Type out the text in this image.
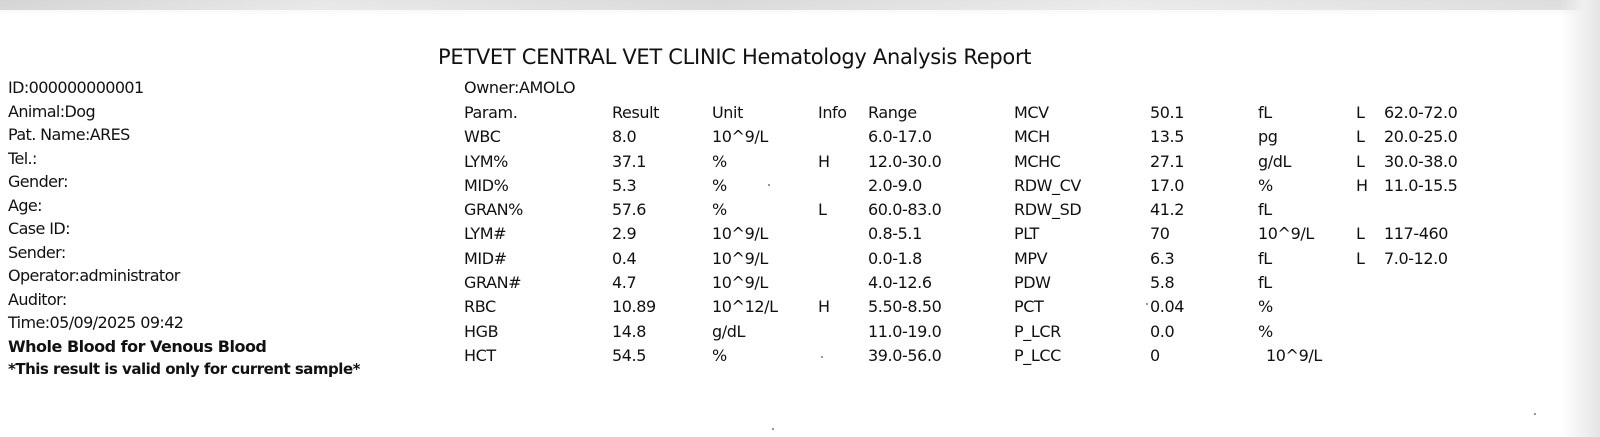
PETVET CENTRAL VET CLINIC Hematology Analysis Report
Owner:AMOLO
ID:000000000001
Animal:Dog
Pat. Name:ARES
Tel.:
Gender:
Age:
Case ID:
Sender:
Operator:administrator
Auditor:
Time:05/09/2025 09:42
Whole Blood for Venous Blood
*This result is valid only for current sample*
Param.
WBC
LYM%
MID%
GRAN%
LYM#
MID#
GRAN#
RBC
HGB
HCT
Result
8.0
37.1
5.3
57.6
2.9
0.4
4.7
10.89
14.8
54.5
Unit
10^9/L
%
%
%
10^9/L
10^9/L
10^9/L
10^12/L
g/dL
%
Info
H
L
H
Range
6.0-17.0
12.0-30.0
2.0-9.0
60.0-83.0
0.8-5.1
0.0-1.8
4.0-12.6
5.50-8.50
11.0-19.0
39.0-56.0
MCV
MCH
MCHC
RDW_CV
RDW_SD
PLT
MPV
PDW
PCT
P_LCR
P_LCC
50.1
13.5
27.1
17.0
41.2
70
6.3
5.8
0.04
0.0
0
fL
pg
g/dL
%
fL
10^9/L
fL
fL
%
%
10^9/L
L
L
L
H
L
L
62.0-72.0
20.0-25.0
30.0-38.0
11.0-15.5
117-460
7.0-12.0
